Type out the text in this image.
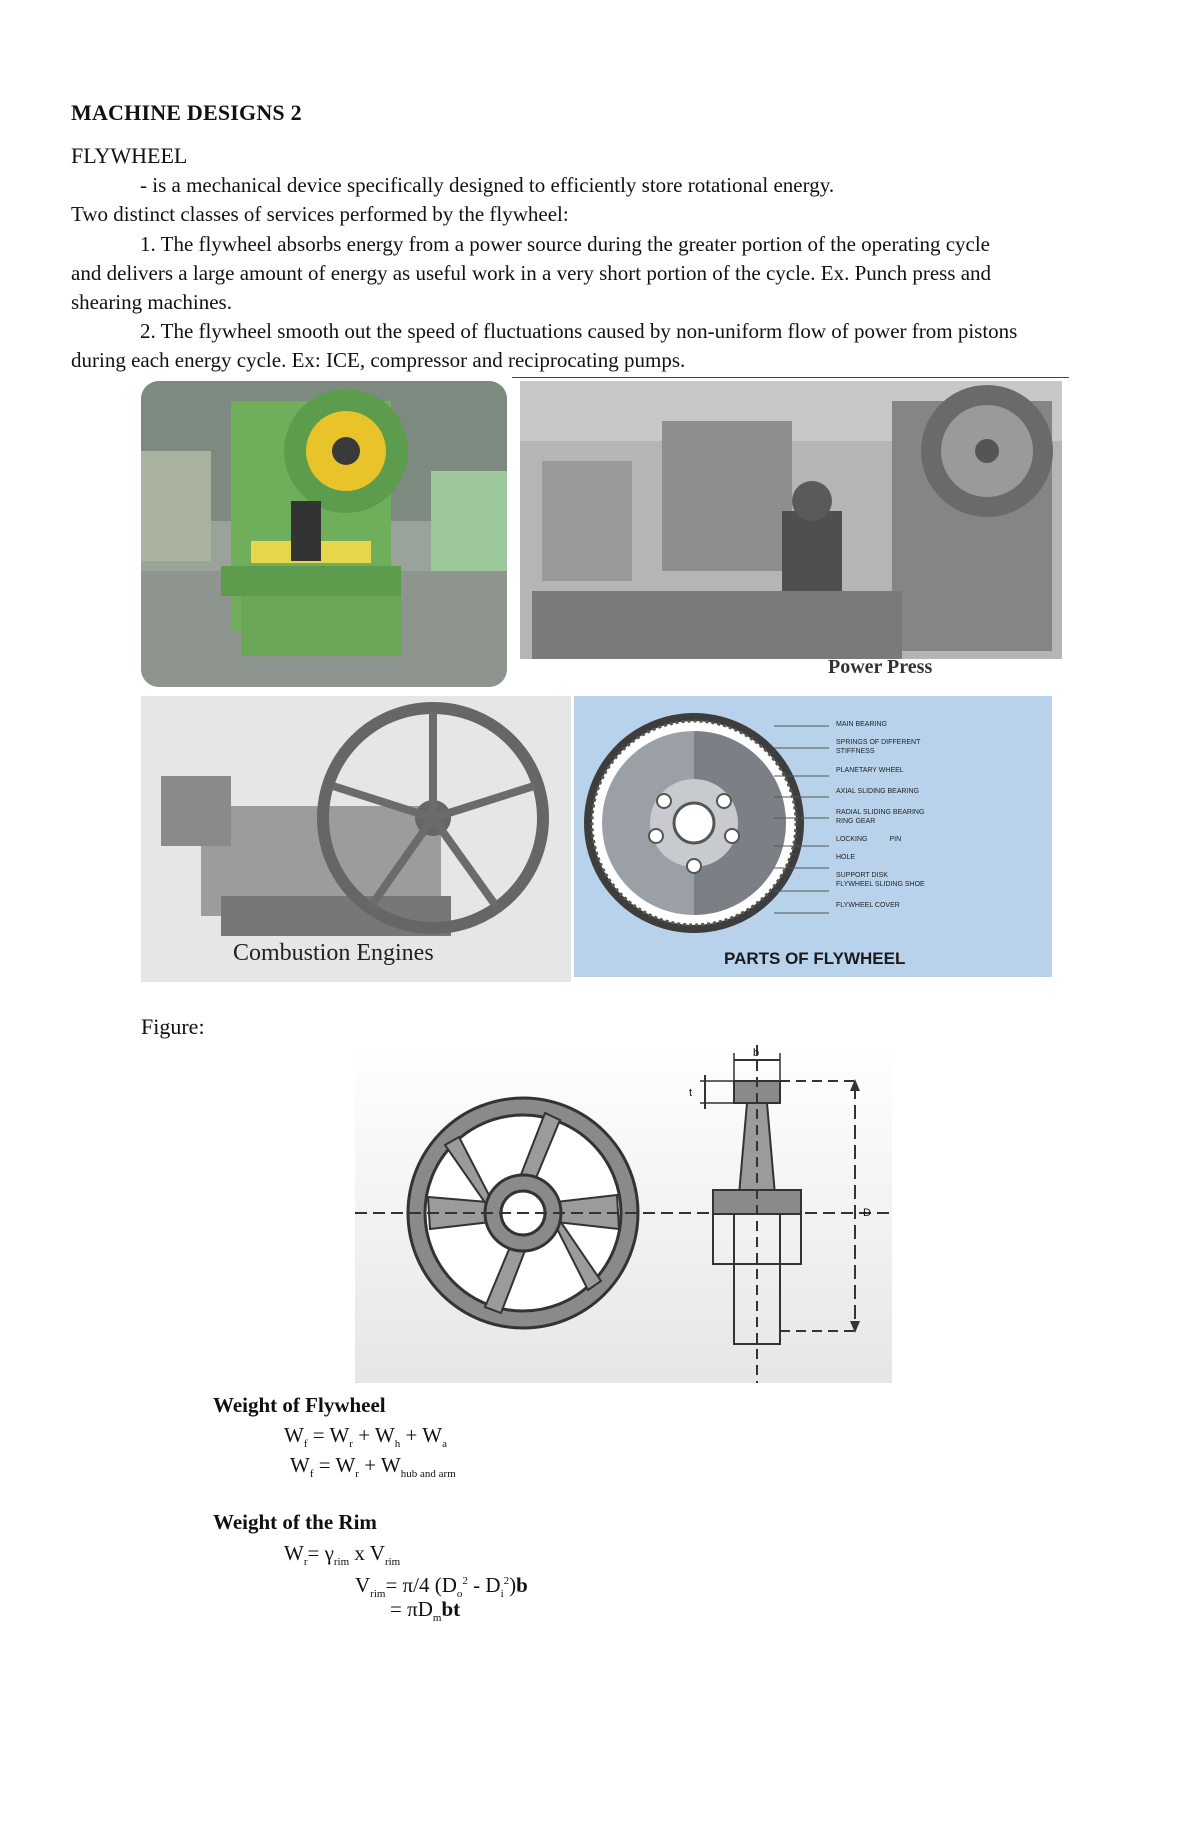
MACHINE DESIGNS 2
FLYWHEEL
- is a mechanical device specifically designed to efficiently store rotational energy.
Two distinct classes of services performed by the flywheel:
1. The flywheel absorbs energy from a power source during the greater portion of the operating cycle
and delivers a large amount of energy as useful work in a very short portion of the cycle. Ex. Punch press and
shearing machines.
2. The flywheel smooth out the speed of fluctuations caused by non-uniform flow of power from pistons
during each energy cycle. Ex: ICE, compressor and reciprocating pumps.
Power Press
Combustion Engines
MAIN BEARING
SPRINGS OF DIFFERENT
STIFFNESS
PLANETARY WHEEL
AXIAL SLIDING BEARING
RADIAL SLIDING BEARING
RING GEAR
LOCKING	PIN
HOLE
SUPPORT DISK
FLYWHEEL SLIDING SHOE
FLYWHEEL COVER
PARTS OF FLYWHEEL
Figure:
b
t
D
Weight of Flywheel
$W_f = W_r + W_h + W_a$
$W_f = W_r + W_{hub and arm}$
Weight of the Rim
$W_r= \gamma_{rim}$ x $V_{rim}$
$V_{rim}= \pi/4$ $(D_o^2 - D_i^2)b$
= $\pi D_mbt$
